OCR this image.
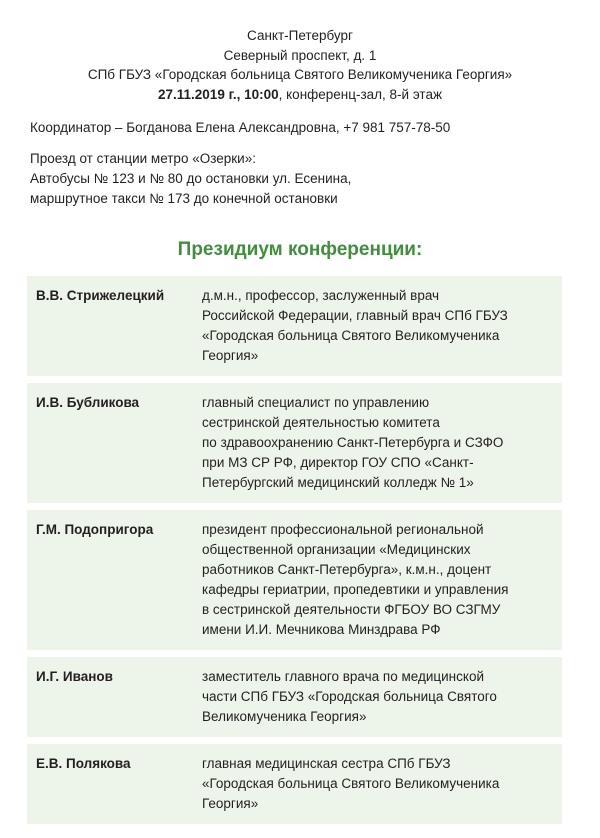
Санкт-Петербург
Северный проспект, д. 1
СПб ГБУЗ «Городская больница Святого Великомученика Георгия»
27.11.2019 г., 10:00, конференц-зал, 8-й этаж
Координатор – Богданова Елена Александровна, +7 981 757-78-50
Проезд от станции метро «Озерки»:
Автобусы № 123 и № 80 до остановки ул. Есенина,
маршрутное такси № 173 до конечной остановки
Президиум конференции:
В.В. Стрижелецкий	д.м.н., профессор, заслуженный врач
Российской Федерации, главный врач СПб ГБУЗ
«Городская больница Святого Великомученика
Георгия»
И.В. Бубликова	главный специалист по управлению
сестринской деятельностью комитета
по здравоохранению Санкт-Петербурга и СЗФО
при МЗ СР РФ, директор ГОУ СПО «Санкт-
Петербургский медицинский колледж № 1»
Г.М. Подопригора	президент профессиональной региональной
общественной организации «Медицинских
работников Санкт-Петербурга», к.м.н., доцент
кафедры гериатрии, пропедевтики и управления
в сестринской деятельности ФГБОУ ВО СЗГМУ
имени И.И. Мечникова Минздрава РФ
И.Г. Иванов	заместитель главного врача по медицинской
части СПб ГБУЗ «Городская больница Святого
Великомученика Георгия»
Е.В. Полякова	главная медицинская сестра СПб ГБУЗ
«Городская больница Святого Великомученика
Георгия»
